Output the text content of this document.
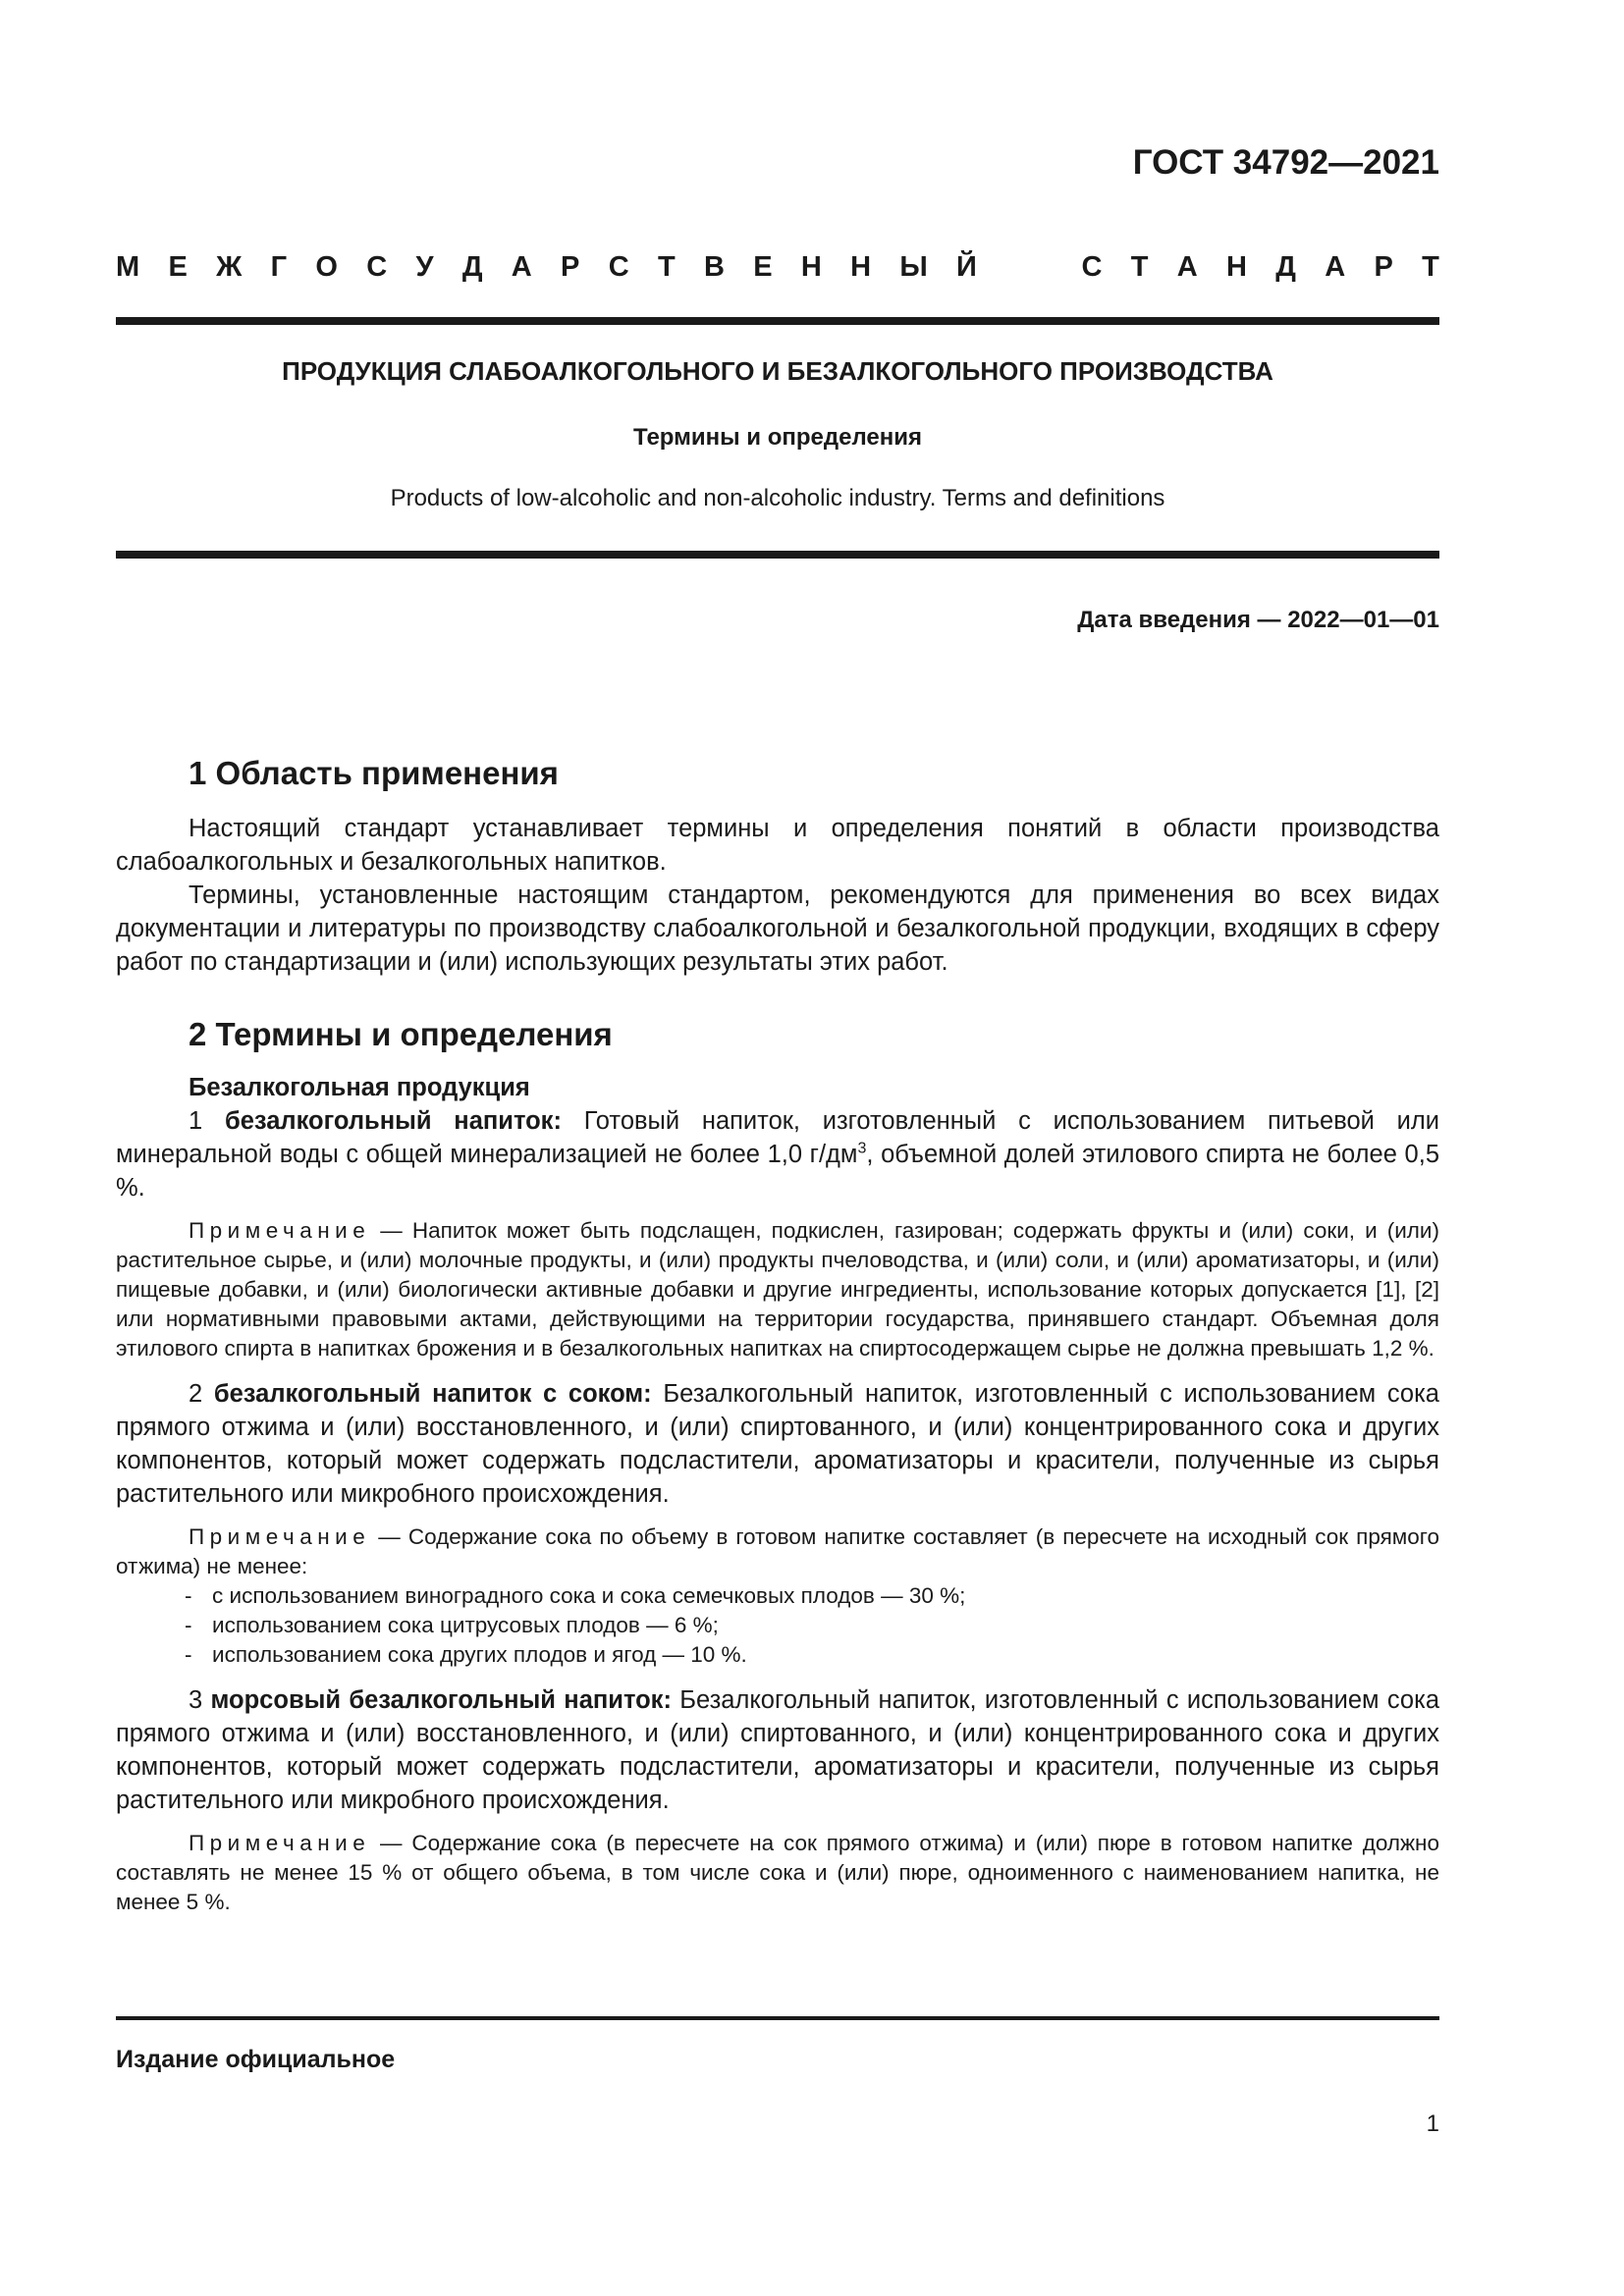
ГОСТ 34792—2021
М Е Ж Г О С У Д А Р С Т В Е Н Н Ы Й	С Т А Н Д А Р Т
ПРОДУКЦИЯ СЛАБОАЛКОГОЛЬНОГО И БЕЗАЛКОГОЛЬНОГО ПРОИЗВОДСТВА
Термины и определения
Products of low-alcoholic and non-alcoholic industry. Terms and definitions
Дата введения — 2022—01—01
1 Область применения

Настоящий стандарт устанавливает термины и определения понятий в области производства слабоалкогольных и безалкогольных напитков.

Термины, установленные настоящим стандартом, рекомендуются для применения во всех видах документации и литературы по производству слабоалкогольной и безалкогольной продукции, входящих в сферу работ по стандартизации и (или) использующих результаты этих работ.

2 Термины и определения
Безалкогольная продукция

1 безалкогольный напиток: Готовый напиток, изготовленный с использованием питьевой или минеральной воды с общей минерализацией не более 1,0 $г/дм^3$, объемной долей этилового спирта не более 0,5 %.

Примечание — Напиток может быть подслащен, подкислен, газирован; содержать фрукты и (или) соки, и (или) растительное сырье, и (или) молочные продукты, и (или) продукты пчеловодства, и (или) соли, и (или) ароматизаторы, и (или) пищевые добавки, и (или) биологически активные добавки и другие ингредиенты, использование которых допускается [1], [2] или нормативными правовыми актами, действующими на территории государства, принявшего стандарт. Объемная доля этилового спирта в напитках брожения и в безалкогольных напитках на спиртосодержащем сырье не должна превышать 1,2 %.

2 безалкогольный напиток с соком: Безалкогольный напиток, изготовленный с использованием сока прямого отжима и (или) восстановленного, и (или) спиртованного, и (или) концентрированного сока и других компонентов, который может содержать подсластители, ароматизаторы и красители, полученные из сырья растительного или микробного происхождения.

Примечание — Содержание сока по объему в готовом напитке составляет (в пересчете на исходный сок прямого отжима) не менее:

- с использованием виноградного сока и сока семечковых плодов — 30 %;
- использованием сока цитрусовых плодов — 6 %;
- использованием сока других плодов и ягод — 10 %.

3 морсовый безалкогольный напиток: Безалкогольный напиток, изготовленный с использованием сока прямого отжима и (или) восстановленного, и (или) спиртованного, и (или) концентрированного сока и других компонентов, который может содержать подсластители, ароматизаторы и красители, полученные из сырья растительного или микробного происхождения.

Примечание — Содержание сока (в пересчете на сок прямого отжима) и (или) пюре в готовом напитке должно составлять не менее 15 % от общего объема, в том числе сока и (или) пюре, одноименного с наименованием напитка, не менее 5 %.

Издание официальное
1
